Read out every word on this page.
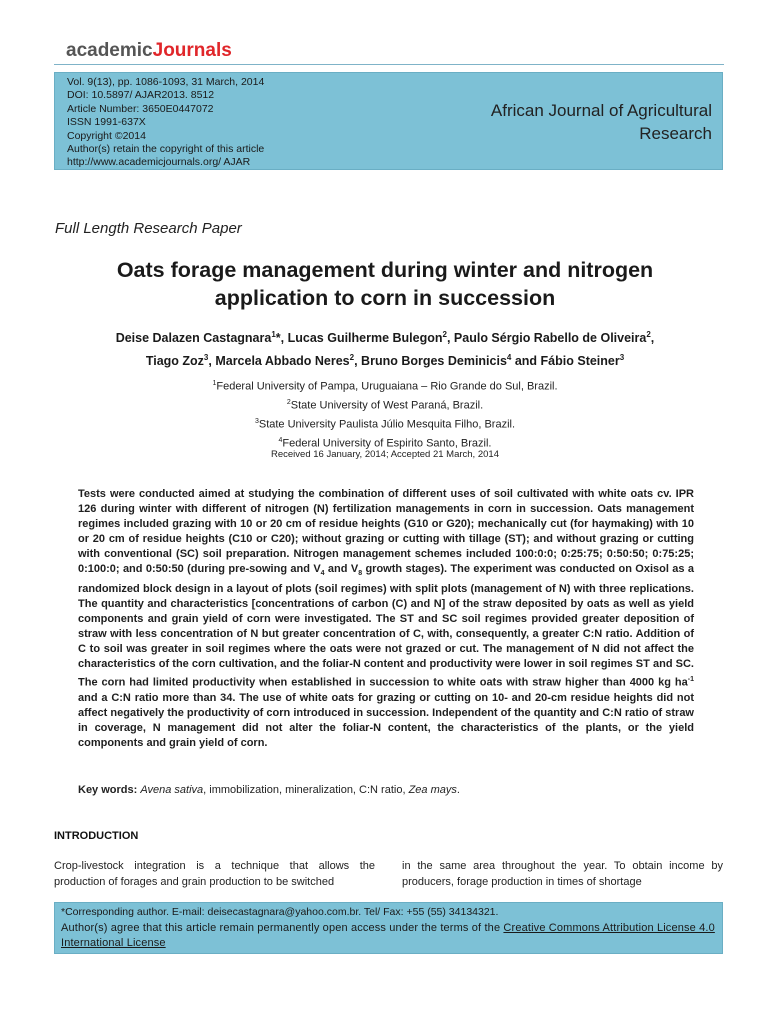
academicJournals
Vol. 9(13), pp. 1086-1093, 31 March, 2014
DOI: 10.5897/ AJAR2013. 8512
Article Number: 3650E0447072
ISSN 1991-637X
Copyright ©2014
Author(s) retain the copyright of this article
http://www.academicjournals.org/ AJAR
African Journal of Agricultural
Research
Full Length Research Paper
Oats forage management during winter and nitrogen
application to corn in succession
Deise Dalazen Castagnara$^1$*, Lucas Guilherme Bulegon$^2$, Paulo Sérgio Rabello de Oliveira$^2$,
Tiago Zoz$^3$, Marcela Abbado Neres$^2$, Bruno Borges Deminicis$^4$ and Fábio Steiner$^3$
$^1$Federal University of Pampa, Uruguaiana – Rio Grande do Sul, Brazil.
$^2$State University of West Paraná, Brazil.
$^3$State University Paulista Júlio Mesquita Filho, Brazil.
$^4$Federal University of Espirito Santo, Brazil.
Received 16 January, 2014; Accepted 21 March, 2014
Tests were conducted aimed at studying the combination of different uses of soil cultivated with white oats cv. IPR 126 during winter with different of nitrogen (N) fertilization managements in corn in succession. Oats management regimes included grazing with 10 or 20 cm of residue heights (G10 or G20); mechanically cut (for haymaking) with 10 or 20 cm of residue heights (C10 or C20); without grazing or cutting with tillage (ST); and without grazing or cutting with conventional (SC) soil preparation. Nitrogen management schemes included 100:0:0; 0:25:75; 0:50:50; 0:75:25; 0:100:0; and 0:50:50 (during pre-sowing and $V_4$ and $V_8$ growth stages). The experiment was conducted on Oxisol as a randomized block design in a layout of plots (soil regimes) with split plots (management of N) with three replications. The quantity and characteristics [concentrations of carbon (C) and N] of the straw deposited by oats as well as yield components and grain yield of corn were investigated. The ST and SC soil regimes provided greater deposition of straw with less concentration of N but greater concentration of C, with, consequently, a greater C:N ratio. Addition of C to soil was greater in soil regimes where the oats were not grazed or cut. The management of N did not affect the characteristics of the corn cultivation, and the foliar-N content and productivity were lower in soil regimes ST and SC. The corn had limited productivity when established in succession to white oats with straw higher than 4000 kg $ha^{-1}$ and a C:N ratio more than 34. The use of white oats for grazing or cutting on 10- and 20-cm residue heights did not affect negatively the productivity of corn introduced in succession. Independent of the quantity and C:N ratio of straw in coverage, N management did not alter the foliar-N content, the characteristics of the plants, or the yield components and grain yield of corn.
Key words: Avena sativa, immobilization, mineralization, C:N ratio, Zea mays.
INTRODUCTION
Crop-livestock integration is a technique that allows the production of forages and grain production to be switched
in the same area throughout the year. To obtain income by producers, forage production in times of shortage
*Corresponding author. E-mail: deisecastagnara@yahoo.com.br. Tel/ Fax: +55 (55) 34134321.
Author(s) agree that this article remain permanently open access under the terms of the Creative Commons Attribution License 4.0 International License
